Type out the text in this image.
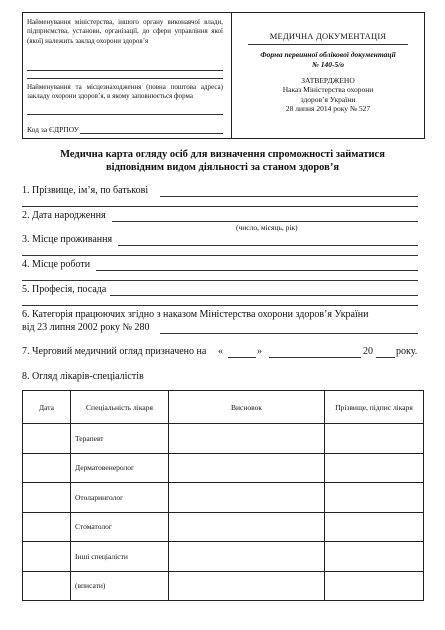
Найменування міністерства, іншого органу виконавчої влади, підприємства, установи, організації, до сфери управління якої (якої) належить заклад охорони здоров’я
Найменування та місцезнаходження (повна поштова адреса) закладу охорони здоров’я, в якому заповнюється форма
Код за ЄДРПОУ
МЕДИЧНА ДОКУМЕНТАЦІЯ
Форма первинної облікової документації
№ 140-5/о
ЗАТВЕРДЖЕНО
Наказ Міністерства охорони
здоров’я України
28 липня 2014 року № 527
Медична карта огляду осіб для визначення спроможності займатися
відповідним видом діяльності за станом здоров’я
1. Прізвище, ім’я, по батькові
2. Дата народження
(число, місяць, рік)
3. Місце проживання
4. Місце роботи
5. Професія, посада
6. Категорія працюючих згідно з наказом Міністерства охорони здоров’я України
від 23 липня 2002 року № 280
7. Черговий медичний огляд призначено на «	»	20 року.
8. Огляд лікарів-спеціалістів
Дата	Спеціальність лікаря	Висновок	Прізвище, підпис лікаря
	Терапевт		
	Дерматовенеролог		
	Отоларинголог		
	Стоматолог		
	Інші спеціалісти		
	(вписати)		
